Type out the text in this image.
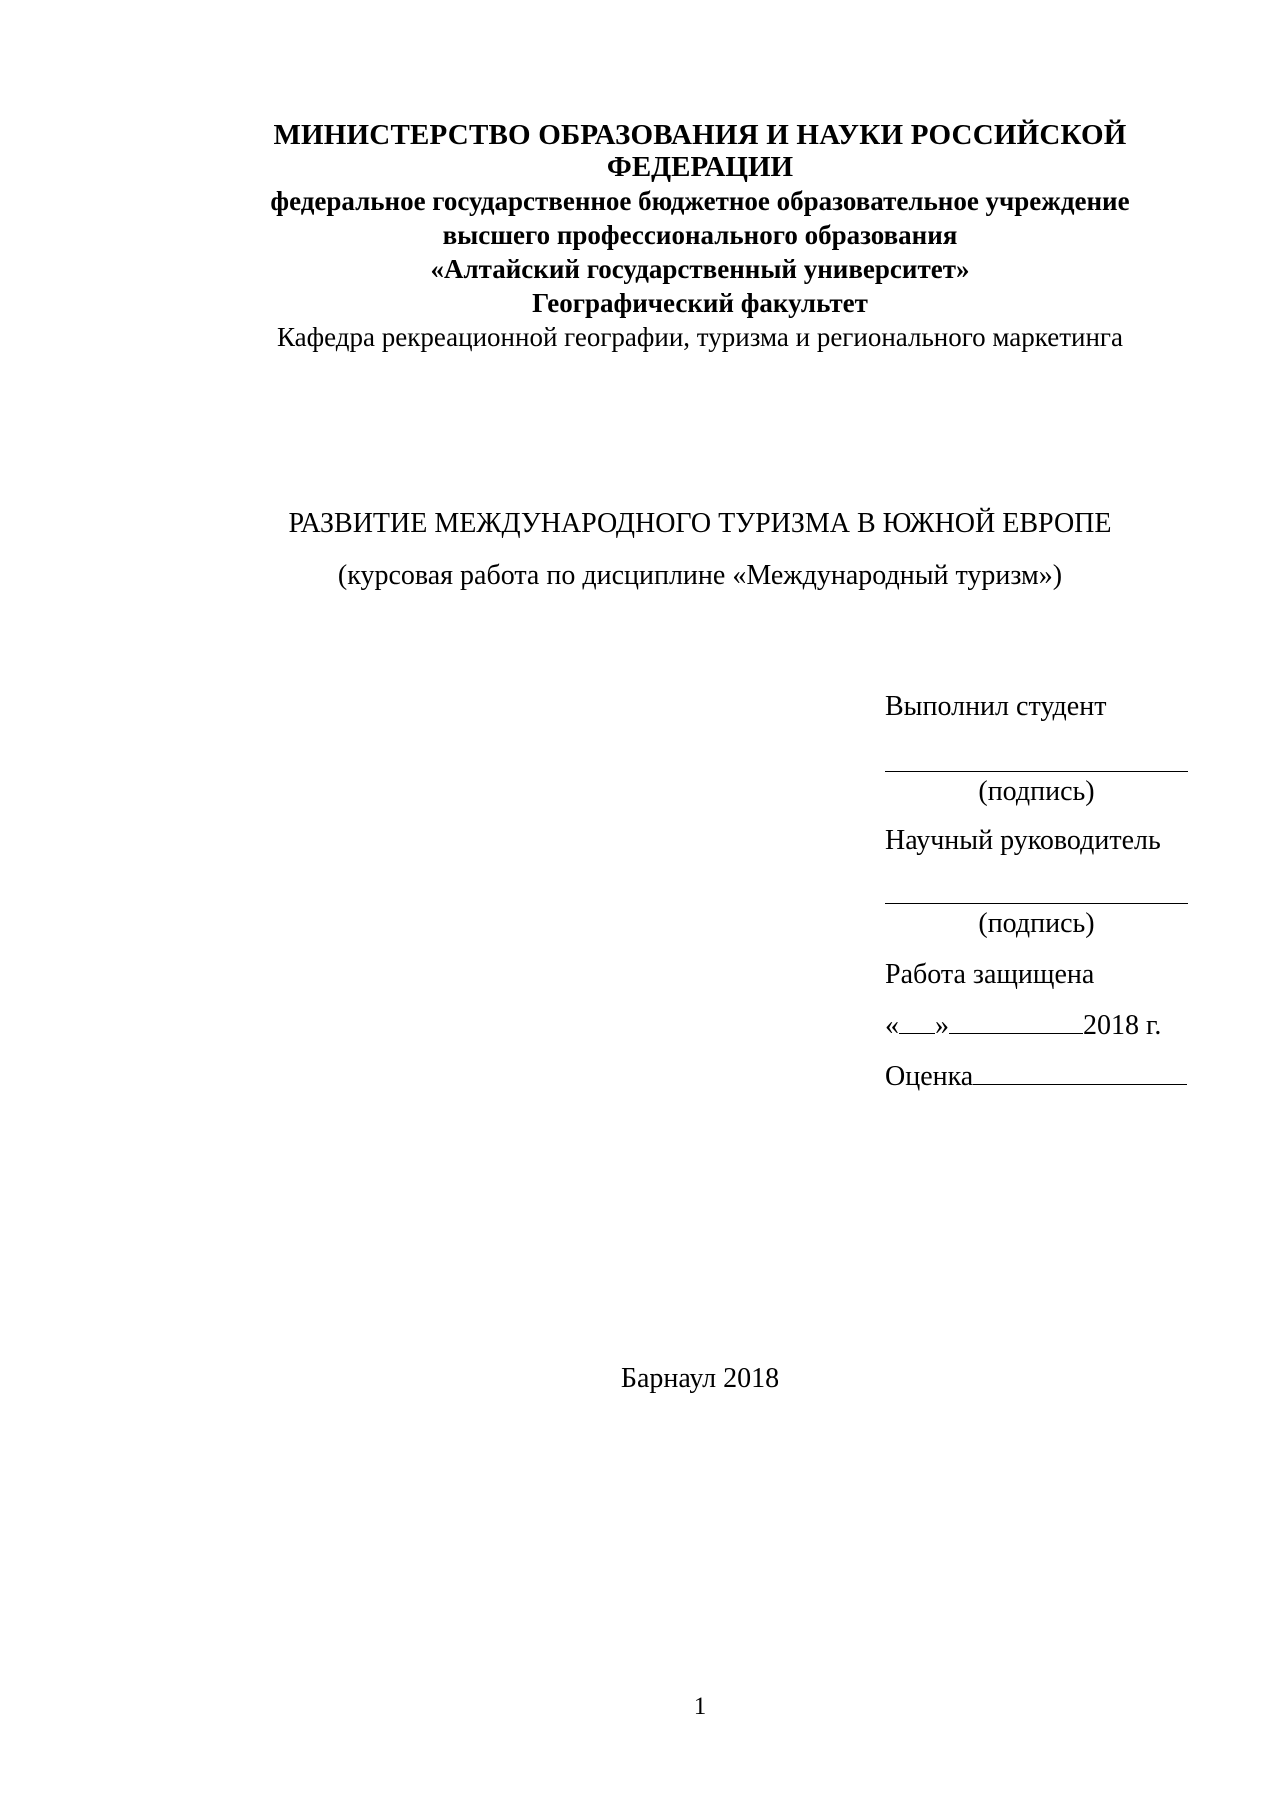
МИНИСТЕРСТВО ОБРАЗОВАНИЯ И НАУКИ РОССИЙСКОЙ
ФЕДЕРАЦИИ
федеральное государственное бюджетное образовательное учреждение
высшего профессионального образования
«Алтайский государственный университет»
Географический факультет
Кафедра рекреационной географии, туризма и регионального маркетинга
РАЗВИТИЕ МЕЖДУНАРОДНОГО ТУРИЗМА В ЮЖНОЙ ЕВРОПЕ
(курсовая работа по дисциплине «Международный туризм»)
Выполнил студент
(подпись)
Научный руководитель
(подпись)
Работа защищена
« »	2018 г.
Оценка
Барнаул 2018
1
